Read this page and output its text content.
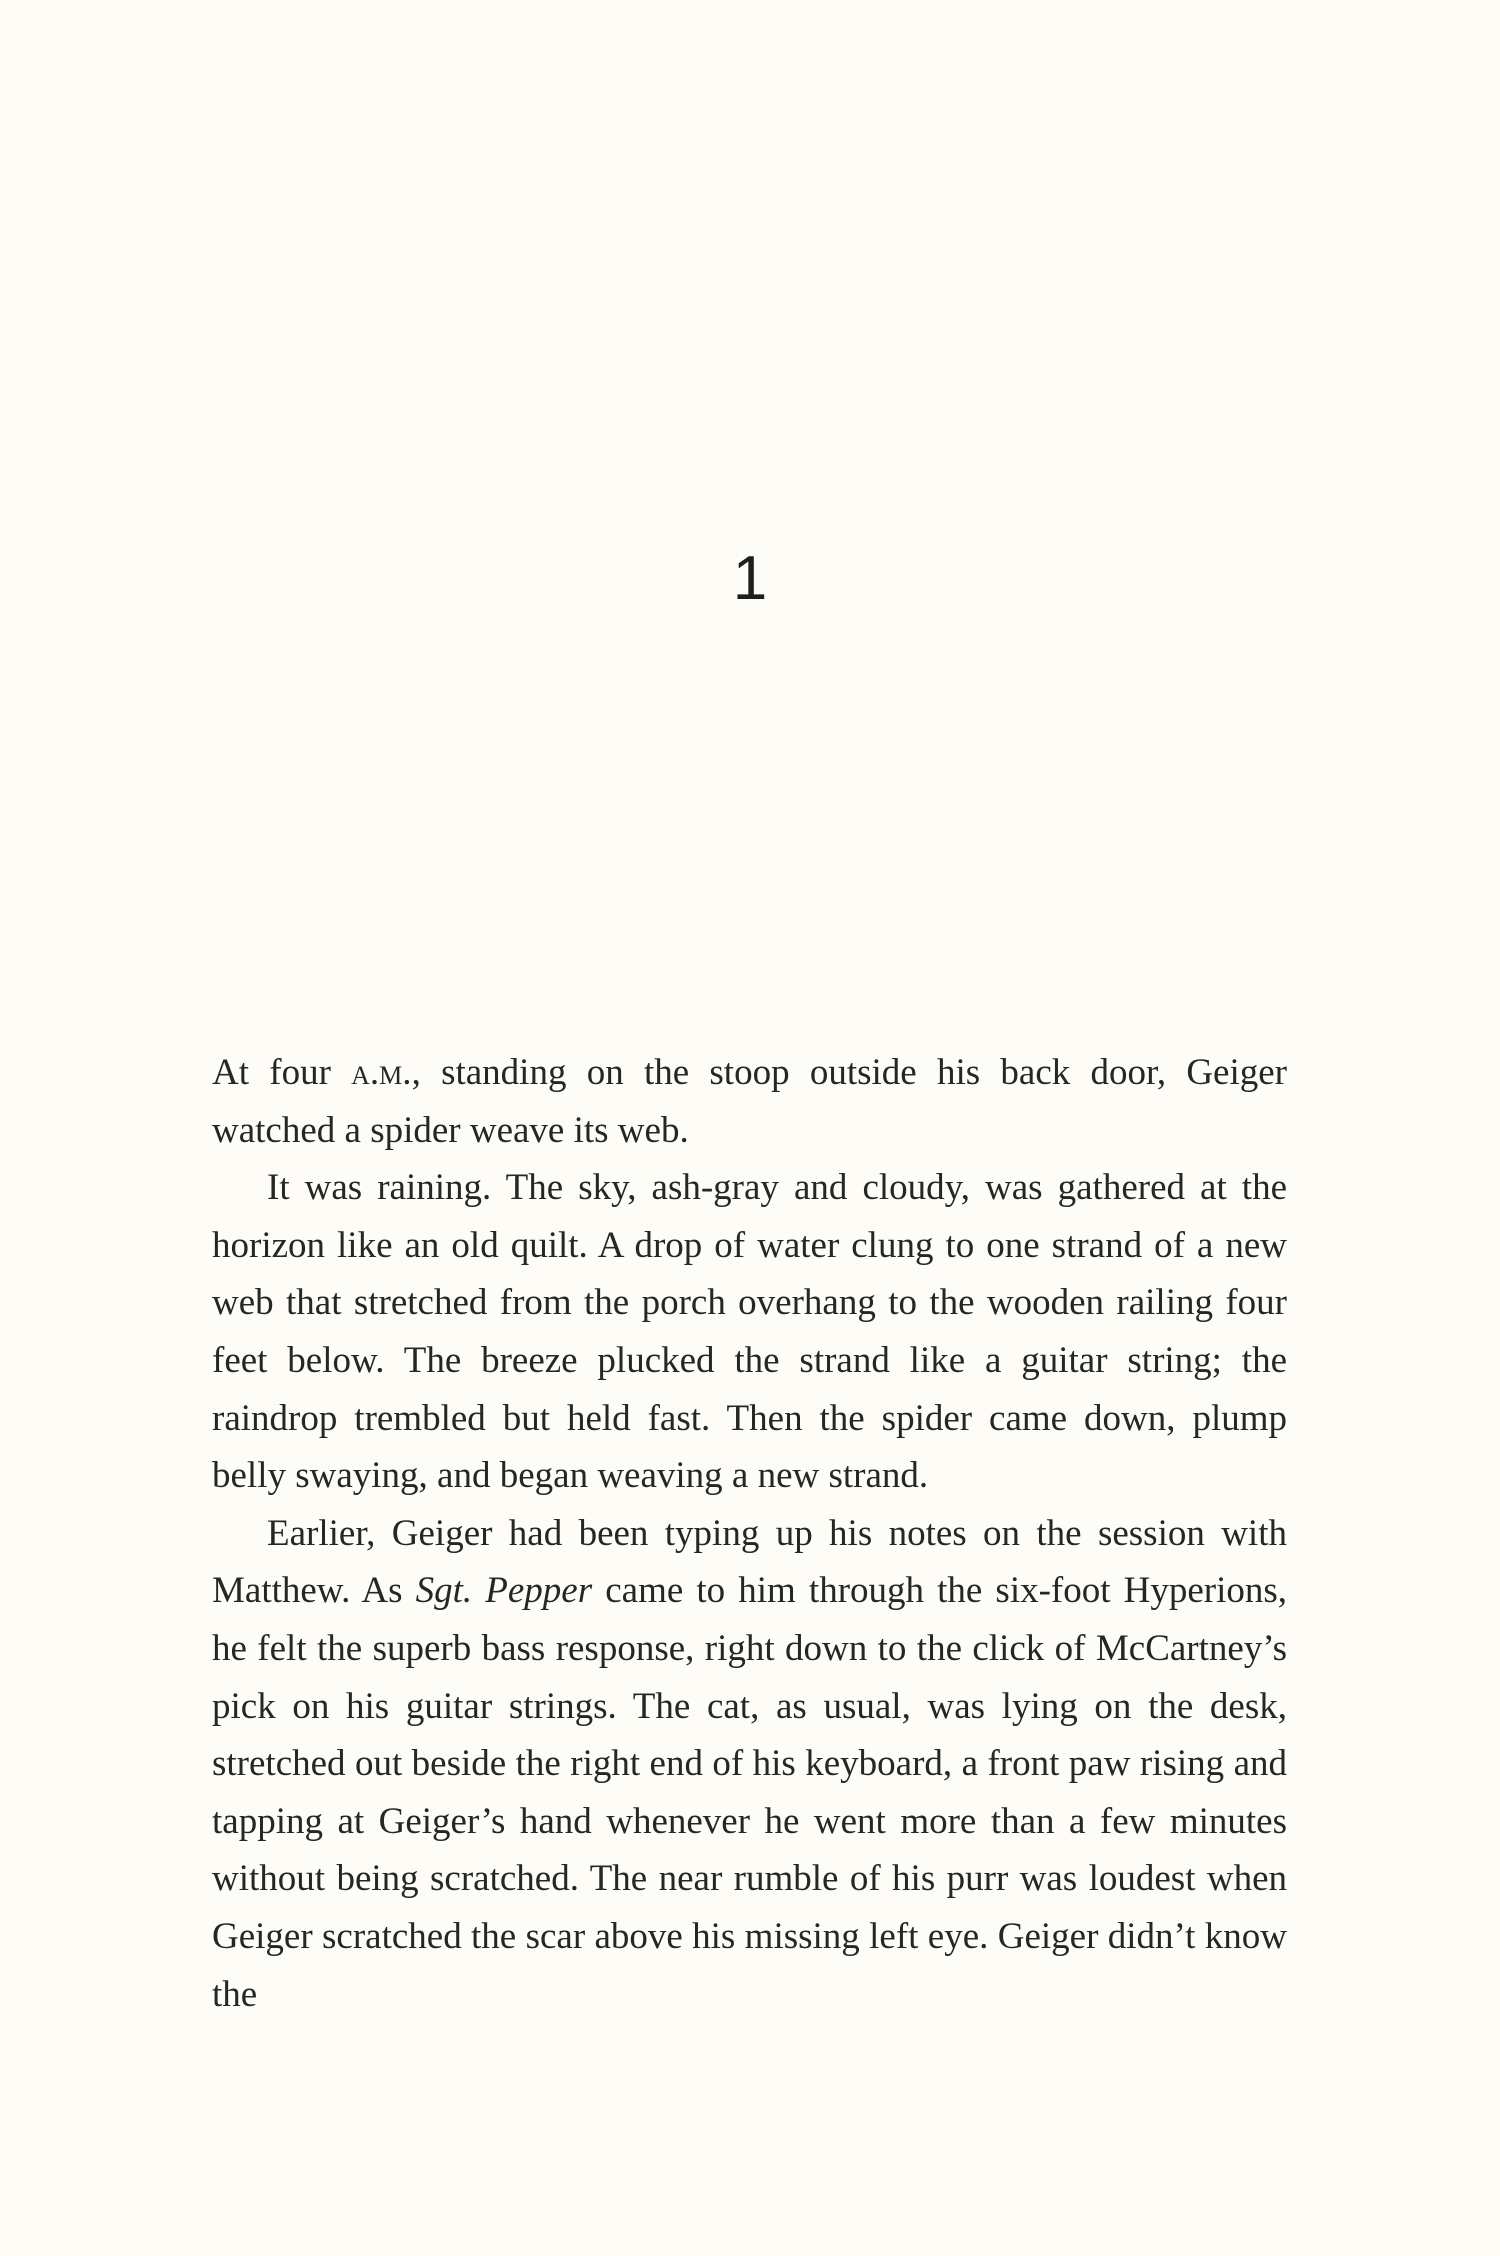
1

At four a.m., standing on the stoop outside his back door, Geiger watched a spider weave its web.

It was raining. The sky, ash-gray and cloudy, was gathered at the horizon like an old quilt. A drop of water clung to one strand of a new web that stretched from the porch overhang to the wooden railing four feet below. The breeze plucked the strand like a guitar string; the raindrop trembled but held fast. Then the spider came down, plump belly swaying, and began weaving a new strand.

Earlier, Geiger had been typing up his notes on the session with Matthew. As Sgt. Pepper came to him through the six-foot Hyperions, he felt the superb bass response, right down to the click of McCartney’s pick on his guitar strings. The cat, as usual, was lying on the desk, stretched out beside the right end of his keyboard, a front paw rising and tapping at Geiger’s hand whenever he went more than a few minutes without being scratched. The near rumble of his purr was loudest when Geiger scratched the scar above his missing left eye. Geiger didn’t know the
